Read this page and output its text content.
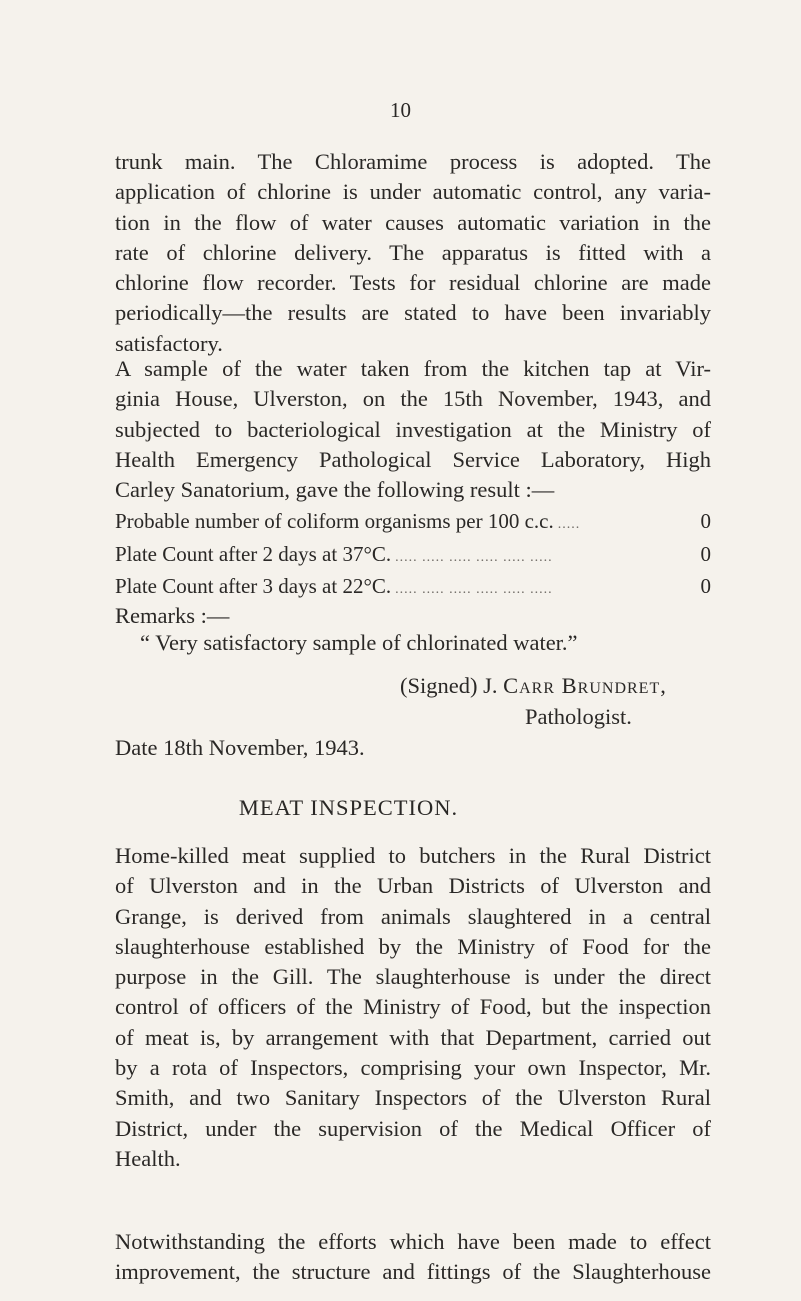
10

trunk main. The Chloramime process is adopted. The
application of chlorine is under automatic control, any varia-
tion in the flow of water causes automatic variation in the
rate of chlorine delivery. The apparatus is fitted with a
chlorine flow recorder. Tests for residual chlorine are made
periodically—the results are stated to have been invariably
satisfactory.

A sample of the water taken from the kitchen tap at Vir-
ginia House, Ulverston, on the 15th November, 1943, and
subjected to bacteriological investigation at the Ministry of
Health Emergency Pathological Service Laboratory, High
Carley Sanatorium, gave the following result :—

Probable number of coliform organisms per 100 c.c. .....	0
Plate Count after 2 days at 37°C. ..... ..... ..... ..... ..... .....	0
Plate Count after 3 days at 22°C. ..... ..... ..... ..... ..... .....	0
Remarks :—
“ Very satisfactory sample of chlorinated water.”
(Signed) J. Carr Brundret,
Pathologist.
Date 18th November, 1943.
MEAT INSPECTION.

Home-killed meat supplied to butchers in the Rural District
of Ulverston and in the Urban Districts of Ulverston and
Grange, is derived from animals slaughtered in a central
slaughterhouse established by the Ministry of Food for the
purpose in the Gill. The slaughterhouse is under the direct
control of officers of the Ministry of Food, but the inspection
of meat is, by arrangement with that Department, carried out
by a rota of Inspectors, comprising your own Inspector, Mr.
Smith, and two Sanitary Inspectors of the Ulverston Rural
District, under the supervision of the Medical Officer of
Health.

Notwithstanding the efforts which have been made to effect
improvement, the structure and fittings of the Slaughterhouse
